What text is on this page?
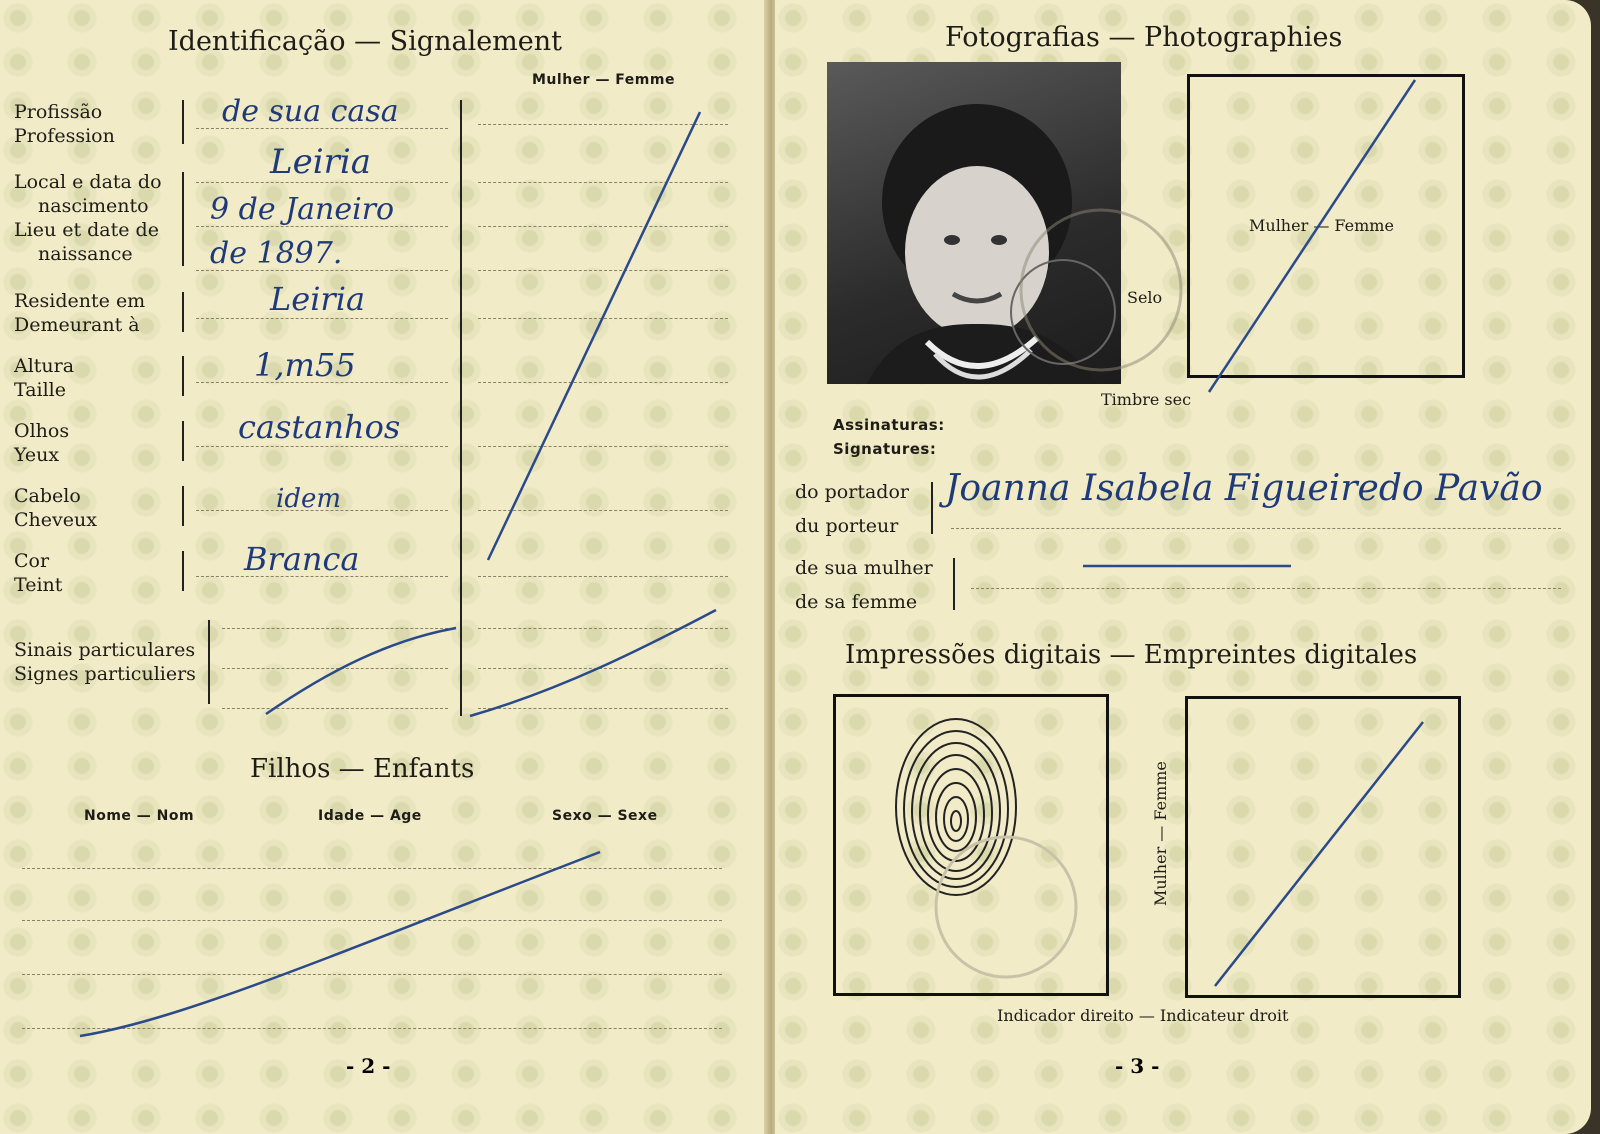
Identificação — Signalement
Mulher — Femme
Profissão
Profession
Local e data do
nascimento
Lieu et date de
naissance
Residente em
Demeurant à
Altura
Taille
Olhos
Yeux
Cabelo
Cheveux
Cor
Teint
Sinais particulares
Signes particuliers
de sua casa
Leiria
9 de Janeiro
de 1897.
Leiria
1,m55
castanhos
idem
Branca
Filhos — Enfants
Nome — Nom	Idade — Age	Sexo — Sexe
- 2 -
Fotografias — Photographies
Mulher — Femme
Selo
Timbre sec
Assinaturas:
Signatures:
do portador
du porteur
Joanna Isabela Figueiredo Pavão
de sua mulher
de sa femme
Impressões digitais — Empreintes digitales
Mulher — Femme
Indicador direito — Indicateur droit
- 3 -
